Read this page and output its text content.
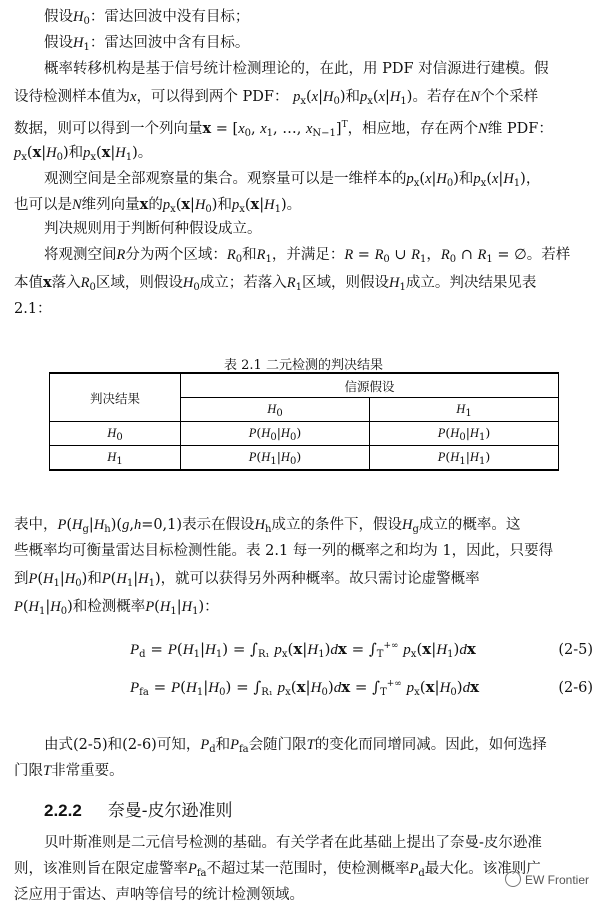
假设$H_0$：雷达回波中没有目标；
假设$H_1$：雷达回波中含有目标。
概率转移机构是基于信号统计检测理论的，在此，用 PDF 对信源进行建模。假
设待检测样本值为x，可以得到两个 PDF： $p_x(x|H_0)$和$p_x(x|H_1)$。若存在N个个采样
数据，则可以得到一个列向量$x = [x_0$, $x_1$, …, $x_{N-1}]^T$，相应地，存在两个N维 PDF：
$p_x(x|H_0)$和$p_x(x|H_1)$。
观测空间是全部观察量的集合。观察量可以是一维样本的$p_x(x|H_0)$和$p_x(x|H_1)$，
也可以是N维列向量x的$p_x(x|H_0)$和$p_x(x|H_1)$。
判决规则用于判断何种假设成立。
将观测空间R分为两个区域：$R_0$和$R_1$，并满足：$R = R_0$ ∪ $R_1$，$R_0$ ∩ $R_1$ = ∅。若样
本值x落入$R_0$区域，则假设$H_0$成立；若落入$R_1$区域，则假设$H_1$成立。判决结果见表
2.1：
表 2.1 二元检测的判决结果
判决结果	信源假设	
	$H_0$	$H_1$
$H_0$	$P(H_0|H_0)$	$P(H_0|H_1)$
$H_1$	$P(H_1|H_0)$	$P(H_1|H_1)$
表中，$P(H_g|H_h)(g,h=0,1)$表示在假设$H_h$成立的条件下，假设$H_g$成立的概率。这
些概率均可衡量雷达目标检测性能。表 2.1 每一列的概率之和均为 1，因此，只要得
到$P(H_1|H_0)$和$P(H_1|H_1)$，就可以获得另外两种概率。故只需讨论虚警概率
$P(H_1|H_0)$和检测概率$P(H_1|H_1)$：
$P_d = P(H_1|H_1) = \int_{R_1}$ $p_x(x|H_1)dx = \int_T^{+\infty}$ $p_x(x|H_1)dx$	(2-5)
$P_{fa} = P(H_1|H_0) = \int_{R_1}$ $p_x(x|H_0)dx = \int_T^{+\infty}$ $p_x(x|H_0)dx$	(2-6)
由式(2-5)和(2-6)可知，$P_d$和$P_{fa}$会随门限T的变化而同增同减。因此，如何选择
门限T非常重要。
2.2.2 奈曼-皮尔逊准则
贝叶斯准则是二元信号检测的基础。有关学者在此基础上提出了奈曼-皮尔逊准
则，该准则旨在限定虚警率$P_{fa}$不超过某一范围时，使检测概率$P_d$最大化。该准则广
泛应用于雷达、声呐等信号的统计检测领域。
EW Frontier
